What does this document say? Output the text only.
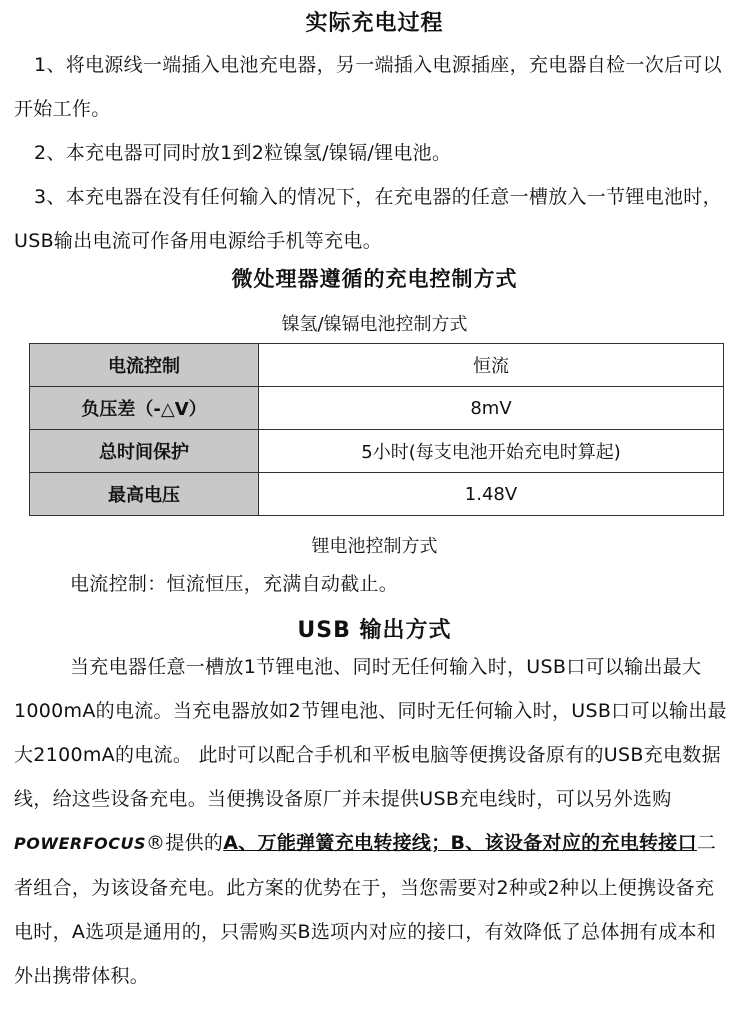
实际充电过程

1、将电源线一端插入电池充电器，另一端插入电源插座，充电器自检一次后可以开始工作。

2、本充电器可同时放1到2粒镍氢/镍镉/锂电池。

3、本充电器在没有任何输入的情况下，在充电器的任意一槽放入一节锂电池时，USB输出电流可作备用电源给手机等充电。

微处理器遵循的充电控制方式
镍氢/镍镉电池控制方式
电流控制	恒流
负压差（-△V）	8mV
总时间保护	5小时(每支电池开始充电时算起)
最高电压	1.48V
锂电池控制方式

电流控制：恒流恒压，充满自动截止。

USB 输出方式

当充电器任意一槽放1节锂电池、同时无任何输入时，USB口可以输出最大1000mA的电流。当充电器放如2节锂电池、同时无任何输入时，USB口可以输出最大2100mA的电流。 此时可以配合手机和平板电脑等便携设备原有的USB充电数据线，给这些设备充电。当便携设备原厂并未提供USB充电线时，可以另外选购POWERFOCUS®提供的A、万能弹簧充电转接线；B、该设备对应的充电转接口二者组合，为该设备充电。此方案的优势在于，当您需要对2种或2种以上便携设备充电时，A选项是通用的，只需购买B选项内对应的接口，有效降低了总体拥有成本和外出携带体积。
